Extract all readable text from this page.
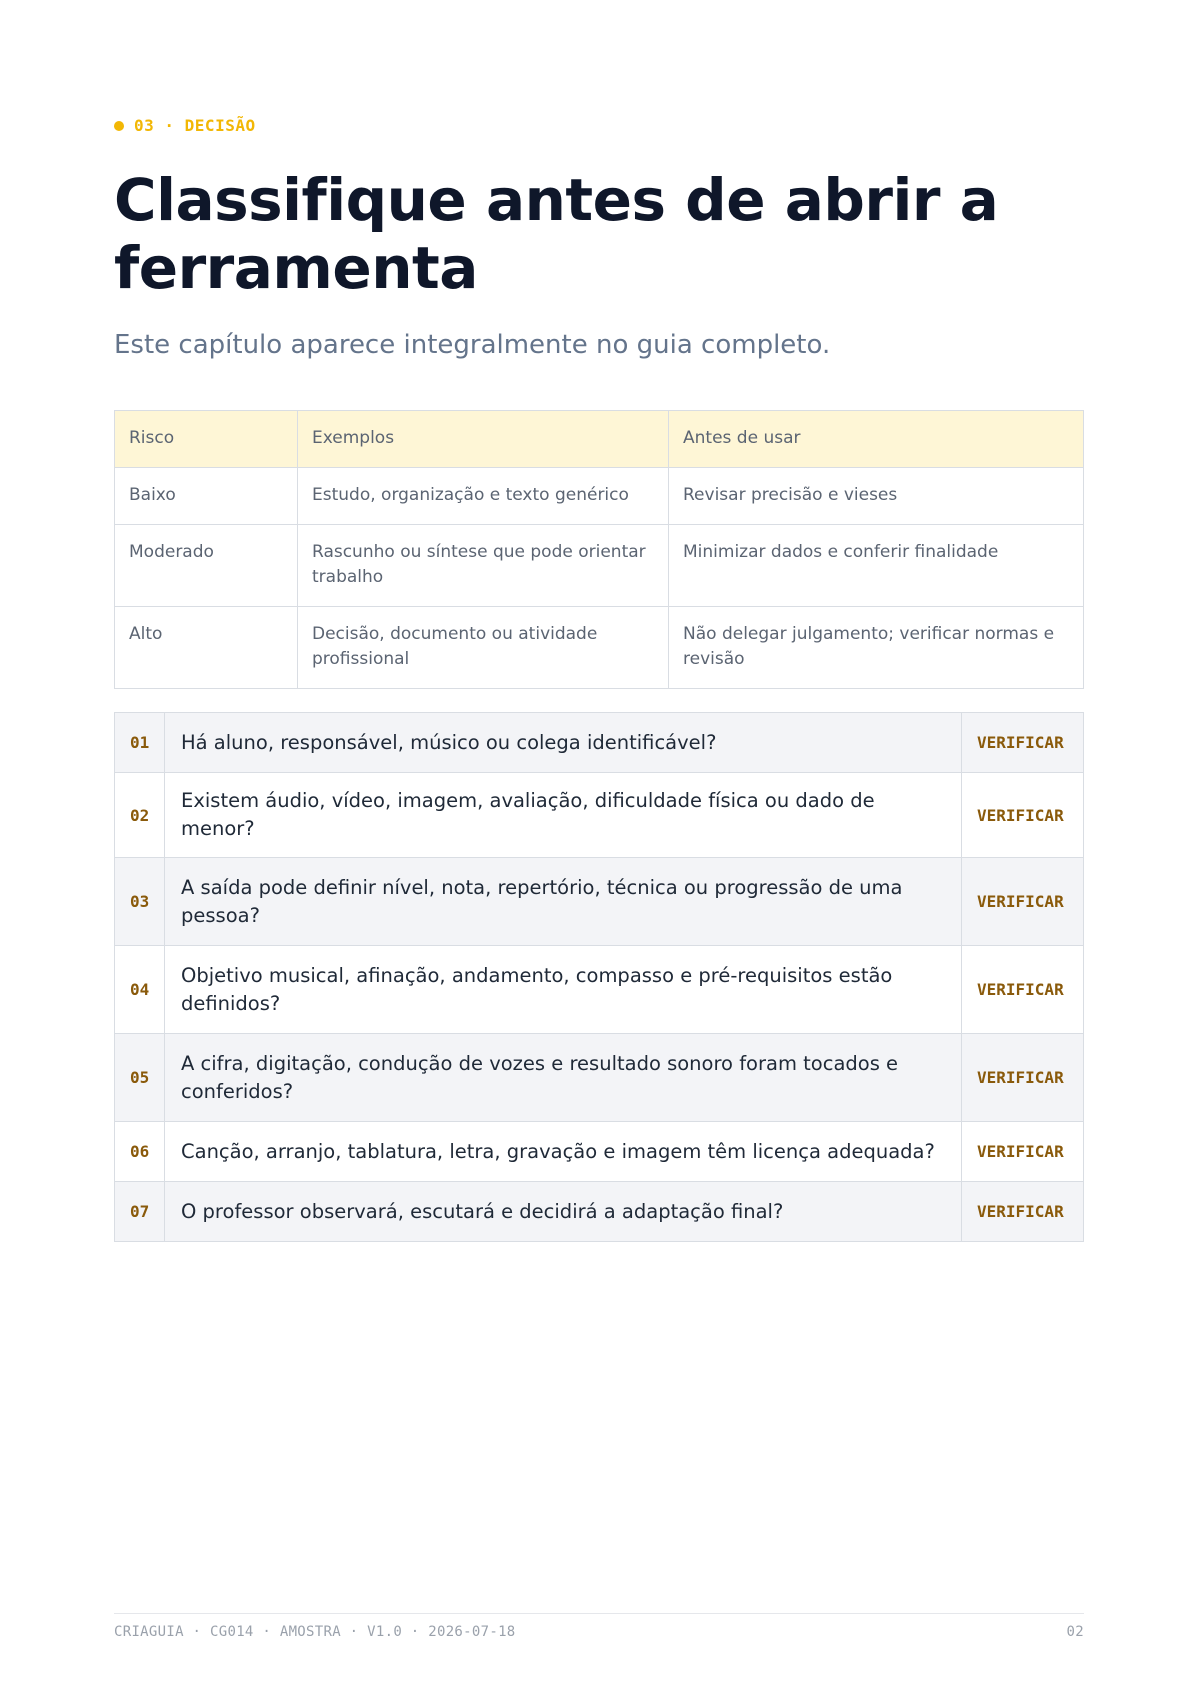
03 · DECISÃO
Classifique antes de abrir a ferramenta

Este capítulo aparece integralmente no guia completo.

Risco	Exemplos	Antes de usar
Baixo	Estudo, organização e texto genérico	Revisar precisão e vieses
Moderado	Rascunho ou síntese que pode orientar trabalho	Minimizar dados e conferir finalidade
Alto	Decisão, documento ou atividade profissional	Não delegar julgamento; verificar normas e revisão
01	Há aluno, responsável, músico ou colega identificável?	VERIFICAR
02	Existem áudio, vídeo, imagem, avaliação, dificuldade física ou dado de menor?	VERIFICAR
03	A saída pode definir nível, nota, repertório, técnica ou progressão de uma pessoa?	VERIFICAR
04	Objetivo musical, afinação, andamento, compasso e pré-requisitos estão definidos?	VERIFICAR
05	A cifra, digitação, condução de vozes e resultado sonoro foram tocados e conferidos?	VERIFICAR
06	Canção, arranjo, tablatura, letra, gravação e imagem têm licença adequada?	VERIFICAR
07	O professor observará, escutará e decidirá a adaptação final?	VERIFICAR
CRIAGUIA · CG014 · AMOSTRA · V1.0 · 2026-07-18	02
